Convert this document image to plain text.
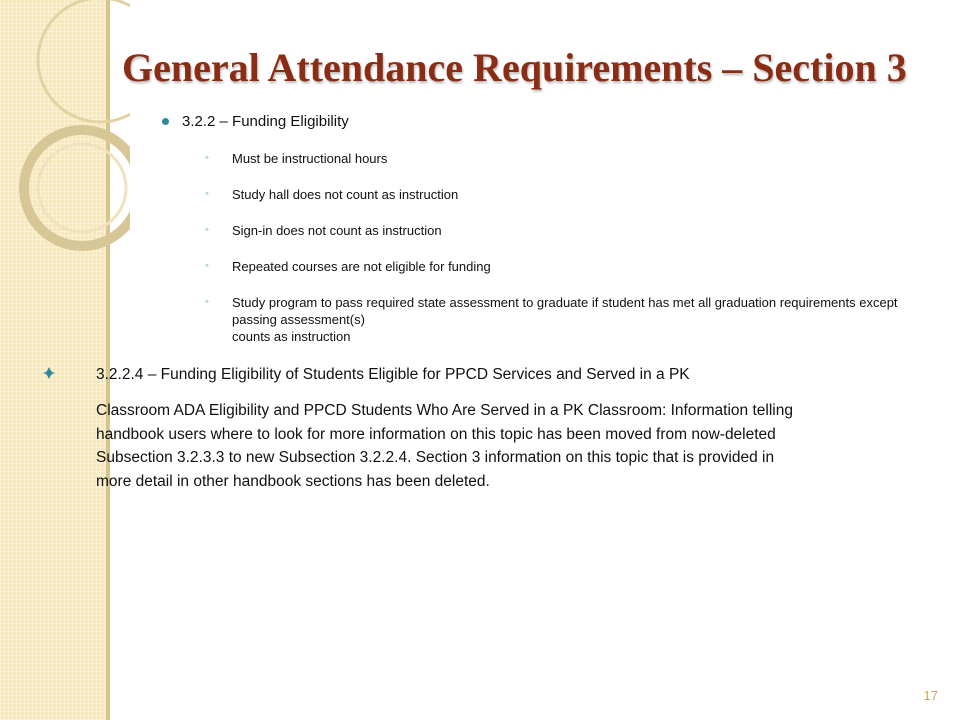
General Attendance Requirements – Section 3
3.2.2 – Funding Eligibility
◦ Must be instructional hours
◦ Study hall does not count as instruction
◦ Sign-in does not count as instruction
◦ Repeated courses are not eligible for funding
◦ Study program to pass required state assessment to graduate if student has met all graduation requirements except passing assessment(s)
counts as instruction
3.2.2.4 – Funding Eligibility of Students Eligible for PPCD Services and Served in a PK
Classroom ADA Eligibility and PPCD Students Who Are Served in a PK Classroom: Information telling handbook users where to look for more information on this topic has been moved from now-deleted Subsection 3.2.3.3 to new Subsection 3.2.2.4. Section 3 information on this topic that is provided in more detail in other handbook sections has been deleted.
17
